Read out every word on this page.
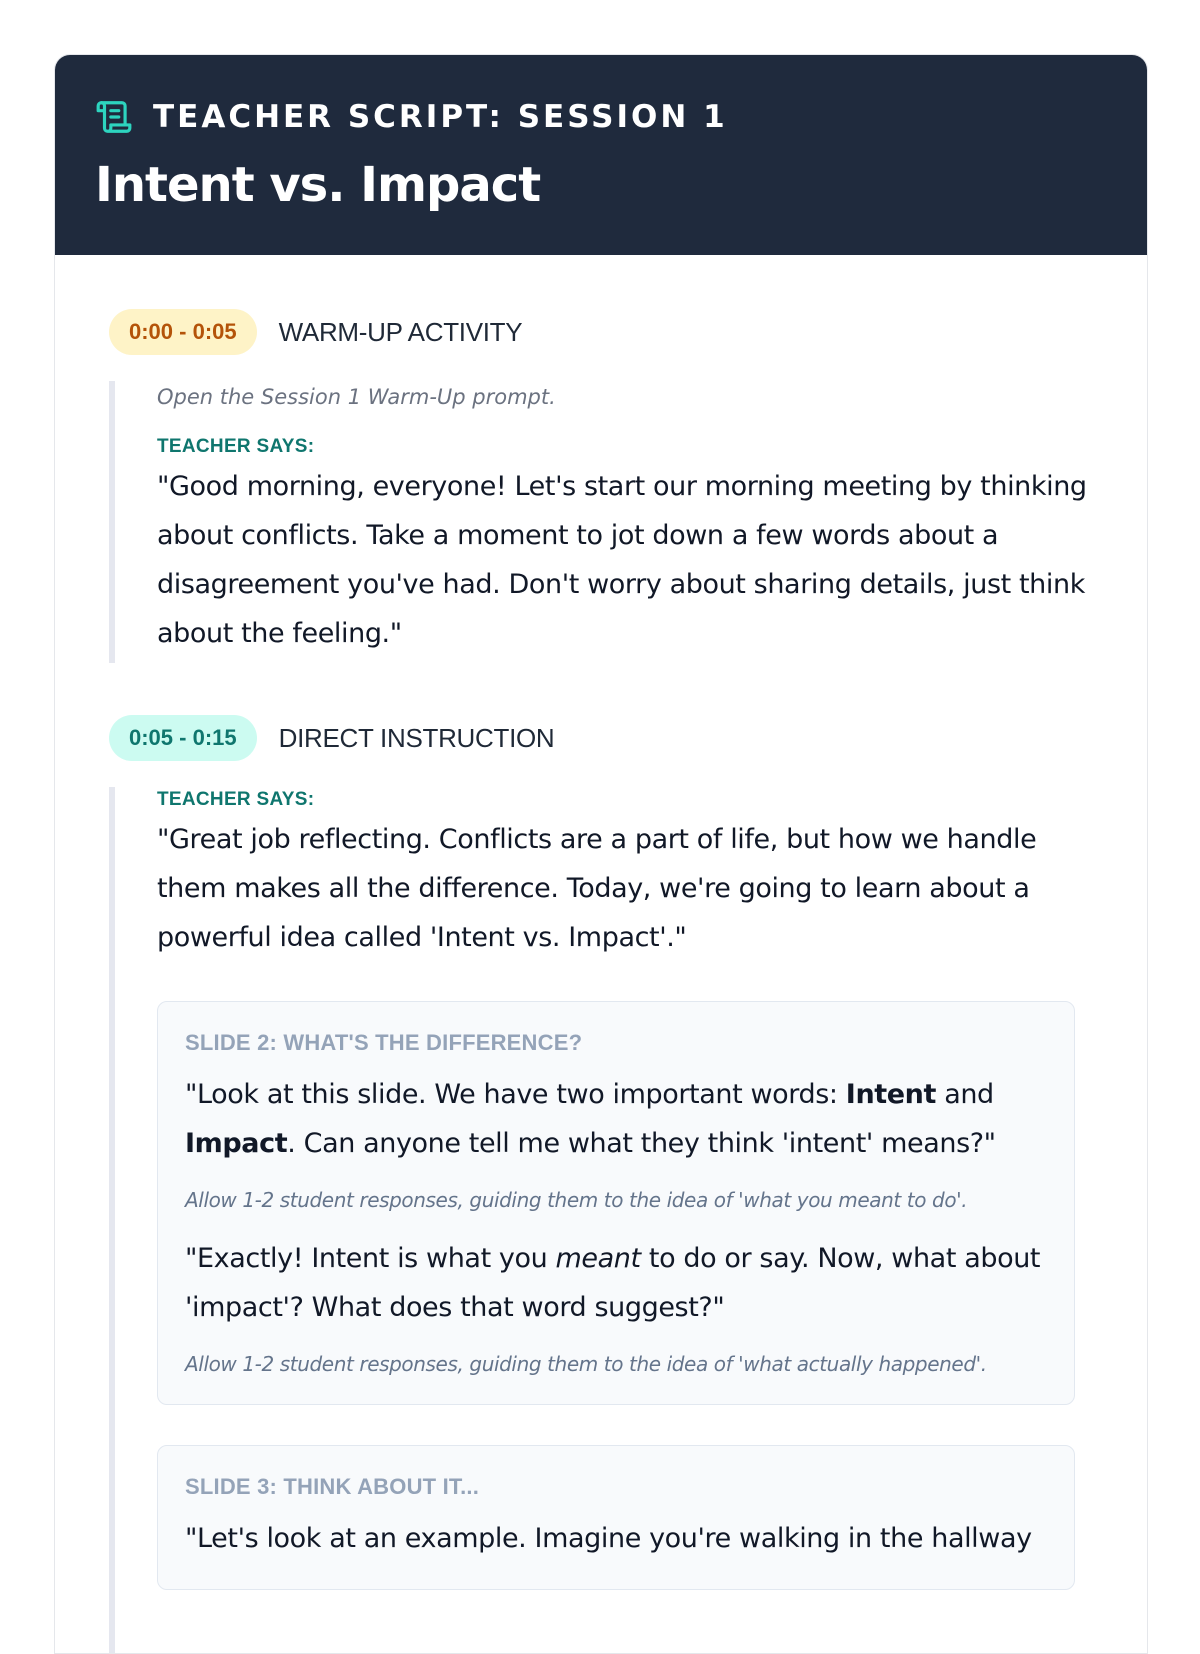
TEACHER SCRIPT: SESSION 1
Intent vs. Impact
0:00 - 0:05	WARM-UP ACTIVITY

Open the Session 1 Warm-Up prompt.

TEACHER SAYS:

"Good morning, everyone! Let's start our morning meeting by thinking about conflicts. Take a moment to jot down a few words about a disagreement you've had. Don't worry about sharing details, just think about the feeling."

0:05 - 0:15	DIRECT INSTRUCTION
TEACHER SAYS:

"Great job reflecting. Conflicts are a part of life, but how we handle them makes all the difference. Today, we're going to learn about a powerful idea called 'Intent vs. Impact'."

SLIDE 2: WHAT'S THE DIFFERENCE?

"Look at this slide. We have two important words: Intent and Impact. Can anyone tell me what they think 'intent' means?"

Allow 1-2 student responses, guiding them to the idea of 'what you meant to do'.

"Exactly! Intent is what you meant to do or say. Now, what about 'impact'? What does that word suggest?"

Allow 1-2 student responses, guiding them to the idea of 'what actually happened'.

SLIDE 3: THINK ABOUT IT...

"Let's look at an example. Imagine you're walking in the hallway
